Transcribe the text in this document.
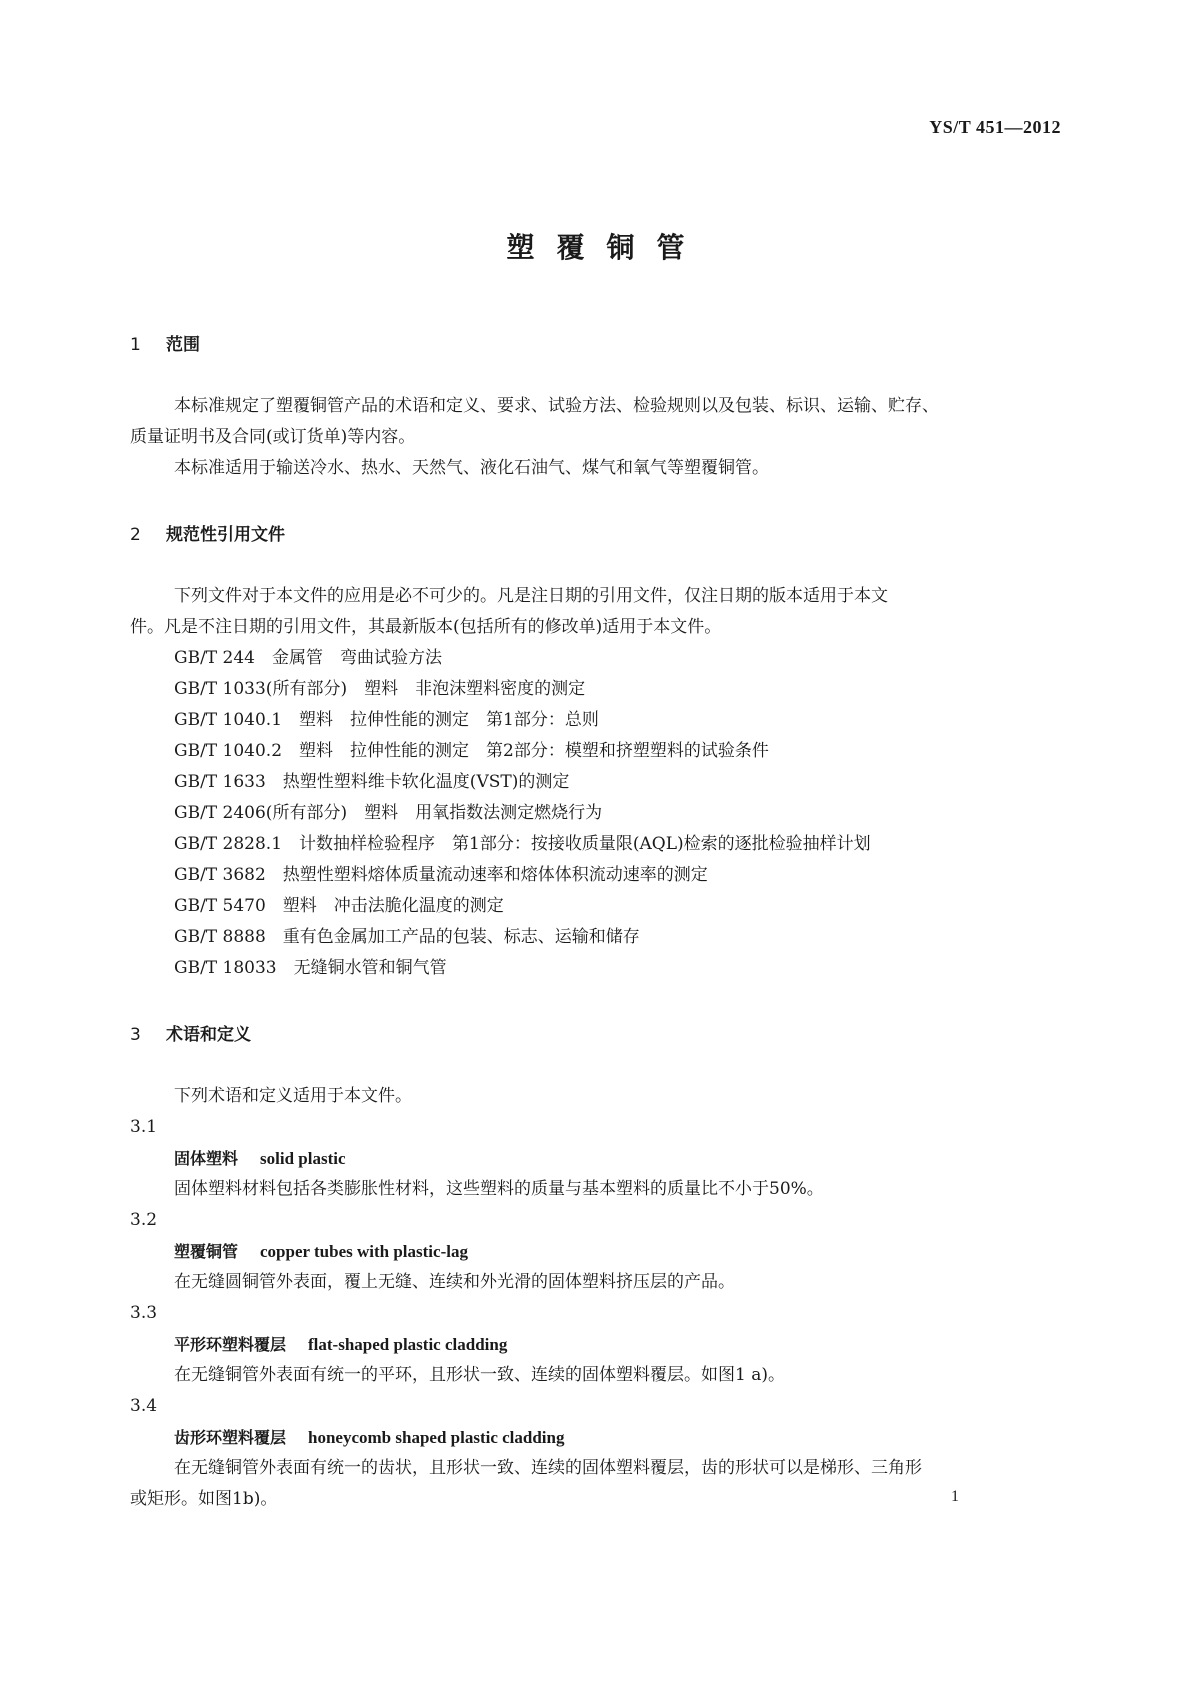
YS/T 451—2012
塑覆铜管

1 范围

本标准规定了塑覆铜管产品的术语和定义、要求、试验方法、检验规则以及包装、标识、运输、贮存、

质量证明书及合同(或订货单)等内容。

本标准适用于输送冷水、热水、天然气、液化石油气、煤气和氧气等塑覆铜管。

2 规范性引用文件

下列文件对于本文件的应用是必不可少的。凡是注日期的引用文件，仅注日期的版本适用于本文

件。凡是不注日期的引用文件，其最新版本(包括所有的修改单)适用于本文件。

GB/T 244　金属管　弯曲试验方法

GB/T 1033(所有部分)　塑料　非泡沫塑料密度的测定

GB/T 1040.1　塑料　拉伸性能的测定　第1部分：总则

GB/T 1040.2　塑料　拉伸性能的测定　第2部分：模塑和挤塑塑料的试验条件

GB/T 1633　热塑性塑料维卡软化温度(VST)的测定

GB/T 2406(所有部分)　塑料　用氧指数法测定燃烧行为

GB/T 2828.1　计数抽样检验程序　第1部分：按接收质量限(AQL)检索的逐批检验抽样计划

GB/T 3682　热塑性塑料熔体质量流动速率和熔体体积流动速率的测定

GB/T 5470　塑料　冲击法脆化温度的测定

GB/T 8888　重有色金属加工产品的包装、标志、运输和储存

GB/T 18033　无缝铜水管和铜气管

3 术语和定义

下列术语和定义适用于本文件。

3.1

固体塑料 solid plastic

固体塑料材料包括各类膨胀性材料，这些塑料的质量与基本塑料的质量比不小于50%。

3.2

塑覆铜管 copper tubes with plastic-lag

在无缝圆铜管外表面，覆上无缝、连续和外光滑的固体塑料挤压层的产品。

3.3

平形环塑料覆层 flat-shaped plastic cladding

在无缝铜管外表面有统一的平环，且形状一致、连续的固体塑料覆层。如图1 a)。

3.4

齿形环塑料覆层 honeycomb shaped plastic cladding

在无缝铜管外表面有统一的齿状，且形状一致、连续的固体塑料覆层，齿的形状可以是梯形、三角形

或矩形。如图1b)。	1
